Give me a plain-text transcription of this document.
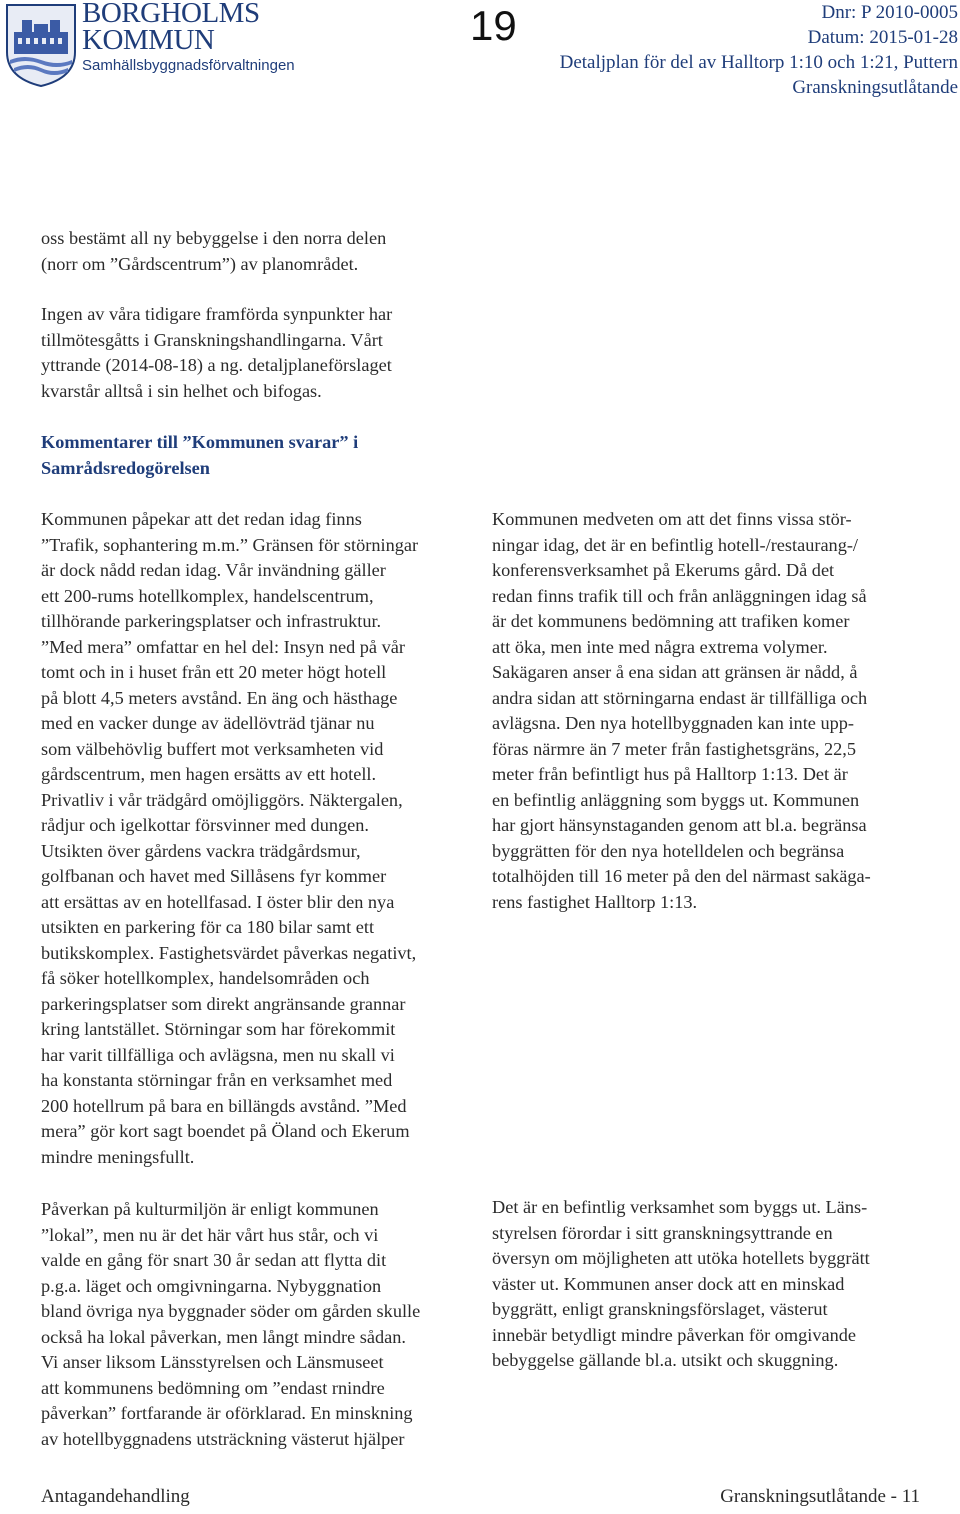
BORGHOLMS
KOMMUN
Samhällsbyggnadsförvaltningen
19	Dnr: P 2010-0005
Datum: 2015-01-28
Detaljplan för del av Halltorp 1:10 och 1:21, Puttern
Granskningsutlåtande

oss bestämt all ny bebyggelse i den norra delen

(norr om ”Gårdscentrum”) av planområdet.

Ingen av våra tidigare framförda synpunkter har

tillmötesgåtts i Granskningshandlingarna. Vårt

yttrande (2014-08-18) a ng. detaljplaneförslaget

kvarstår alltså i sin helhet och bifogas.

Kommentarer till ”Kommunen svarar” i

Samrådsredogörelsen

Kommunen påpekar att det redan idag finns

”Trafik, sophantering m.m.” Gränsen för störningar

är dock nådd redan idag. Vår invändning gäller

ett 200-rums hotellkomplex, handelscentrum,

tillhörande parkeringsplatser och infrastruktur.

”Med mera” omfattar en hel del: Insyn ned på vår

tomt och in i huset från ett 20 meter högt hotell

på blott 4,5 meters avstånd. En äng och hästhage

med en vacker dunge av ädellövträd tjänar nu

som välbehövlig buffert mot verksamheten vid

gårdscentrum, men hagen ersätts av ett hotell.

Privatliv i vår trädgård omöjliggörs. Näktergalen,

rådjur och igelkottar försvinner med dungen.

Utsikten över gårdens vackra trädgårdsmur,

golfbanan och havet med Sillåsens fyr kommer

att ersättas av en hotellfasad. I öster blir den nya

utsikten en parkering för ca 180 bilar samt ett

butikskomplex. Fastighetsvärdet påverkas negativt,

få söker hotellkomplex, handelsområden och

parkeringsplatser som direkt angränsande grannar

kring lantstället. Störningar som har förekommit

har varit tillfälliga och avlägsna, men nu skall vi

ha konstanta störningar från en verksamhet med

200 hotellrum på bara en billängds avstånd. ”Med

mera” gör kort sagt boendet på Öland och Ekerum

mindre meningsfullt.

Påverkan på kulturmiljön är enligt kommunen

”lokal”, men nu är det här vårt hus står, och vi

valde en gång för snart 30 år sedan att flytta dit

p.g.a. läget och omgivningarna. Nybyggnation

bland övriga nya byggnader söder om gården skulle

också ha lokal påverkan, men långt mindre sådan.

Vi anser liksom Länsstyrelsen och Länsmuseet

att kommunens bedömning om ”endast rnindre

påverkan” fortfarande är oförklarad. En minskning

av hotellbyggnadens utsträckning västerut hjälper

Kommunen medveten om att det finns vissa stör-

ningar idag, det är en befintlig hotell-/restaurang-/

konferensverksamhet på Ekerums gård. Då det

redan finns trafik till och från anläggningen idag så

är det kommunens bedömning att trafiken komer

att öka, men inte med några extrema volymer.

Sakägaren anser å ena sidan att gränsen är nådd, å

andra sidan att störningarna endast är tillfälliga och

avlägsna. Den nya hotellbyggnaden kan inte upp-

föras närmre än 7 meter från fastighetsgräns, 22,5

meter från befintligt hus på Halltorp 1:13. Det är

en befintlig anläggning som byggs ut. Kommunen

har gjort hänsynstaganden genom att bl.a. begränsa

byggrätten för den nya hotelldelen och begränsa

totalhöjden till 16 meter på den del närmast sakäga-

rens fastighet Halltorp 1:13.

Det är en befintlig verksamhet som byggs ut. Läns-

styrelsen förordar i sitt granskningsyttrande en

översyn om möjligheten att utöka hotellets byggrätt

väster ut. Kommunen anser dock att en minskad

byggrätt, enligt granskningsförslaget, västerut

innebär betydligt mindre påverkan för omgivande

bebyggelse gällande bl.a. utsikt och skuggning.

Antagandehandling	Granskningsutlåtande - 11
